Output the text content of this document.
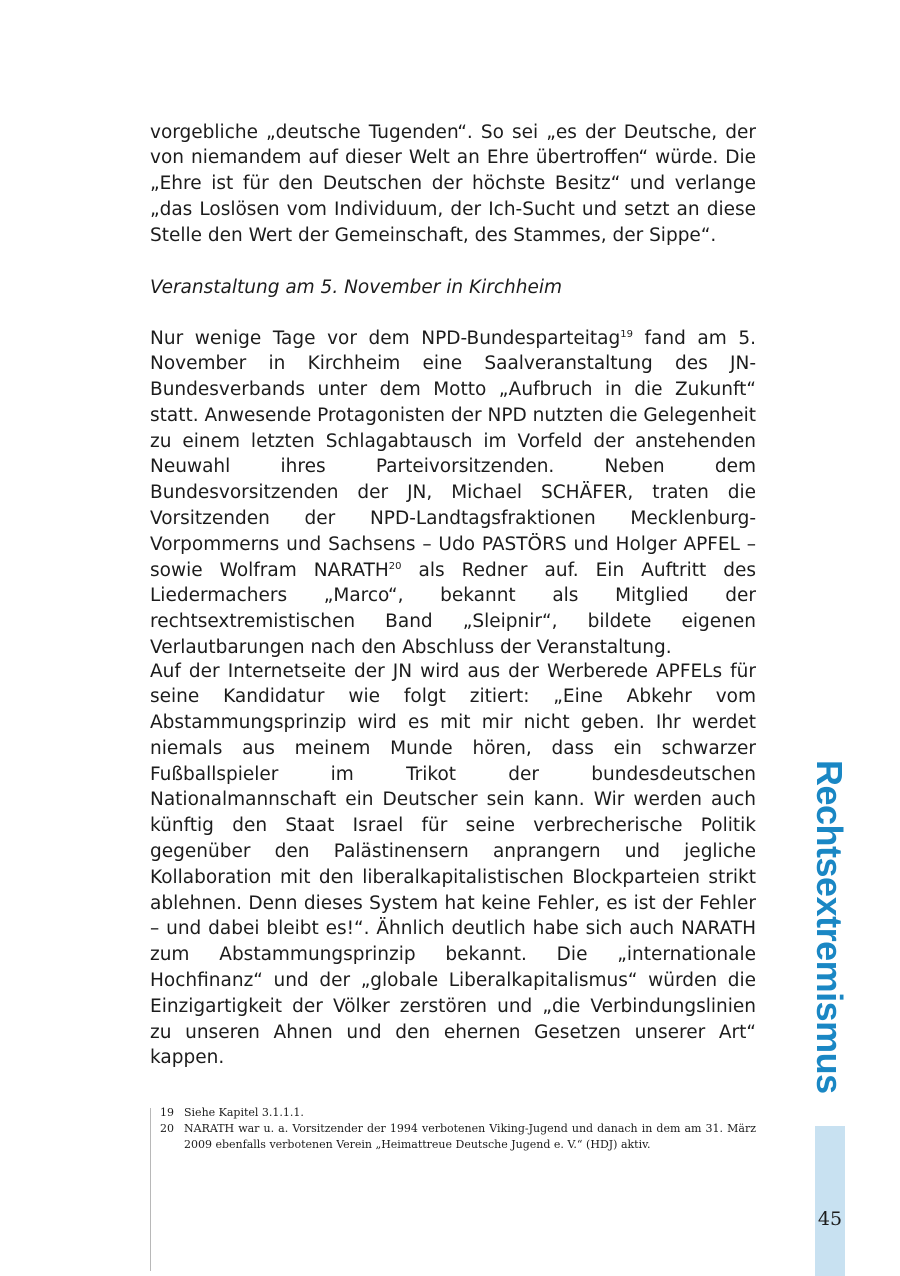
vorgebliche „deutsche Tugenden“. So sei „es der Deutsche, der von niemandem auf dieser Welt an Ehre übertroffen“ würde. Die „Ehre ist für den Deutschen der höchste Besitz“ und verlange „das Loslösen vom Individuum, der Ich-Sucht und setzt an diese Stelle den Wert der Gemeinschaft, des Stammes, der Sippe“.

Veranstaltung am 5. November in Kirchheim

Nur wenige Tage vor dem NPD-Bundesparteitag$^{19}$ fand am 5. November in Kirchheim eine Saalveranstaltung des JN-Bundesverbands unter dem Motto „Aufbruch in die Zukunft“ statt. Anwesende Protagonisten der NPD nutzten die Gelegenheit zu einem letzten Schlagabtausch im Vorfeld der anstehenden Neuwahl ihres Parteivorsitzenden. Neben dem Bundesvorsitzenden der JN, Michael SCHÄFER, traten die Vorsitzenden der NPD-Landtagsfraktionen Mecklenburg-Vorpommerns und Sachsens – Udo PASTÖRS und Holger APFEL – sowie Wolfram NARATH$^{20}$ als Redner auf. Ein Auftritt des Liedermachers „Marco“, bekannt als Mitglied der rechtsextremistischen Band „Sleipnir“, bildete eigenen Verlautbarungen nach den Abschluss der Veranstaltung.

Auf der Internetseite der JN wird aus der Werberede APFELs für seine Kandidatur wie folgt zitiert: „Eine Abkehr vom Abstammungsprinzip wird es mit mir nicht geben. Ihr werdet niemals aus meinem Munde hören, dass ein schwarzer Fußballspieler im Trikot der bundesdeutschen Nationalmannschaft ein Deutscher sein kann. Wir werden auch künftig den Staat Israel für seine verbrecherische Politik gegenüber den Palästinensern anprangern und jegliche Kollaboration mit den liberalkapitalistischen Blockparteien strikt ablehnen. Denn dieses System hat keine Fehler, es ist der Fehler – und dabei bleibt es!“. Ähnlich deutlich habe sich auch NARATH zum Abstammungsprinzip bekannt. Die „internationale Hochfinanz“ und der „globale Liberalkapitalismus“ würden die Einzigartigkeit der Völker zerstören und „die Verbindungslinien zu unseren Ahnen und den ehernen Gesetzen unserer Art“ kappen.

19 Siehe Kapitel 3.1.1.1.
20 NARATH war u. a. Vorsitzender der 1994 verbotenen Viking-Jugend und danach in dem am 31. März 2009 ebenfalls verbotenen Verein „Heimattreue Deutsche Jugend e. V.“ (HDJ) aktiv.
Rechtsextremismus
45
